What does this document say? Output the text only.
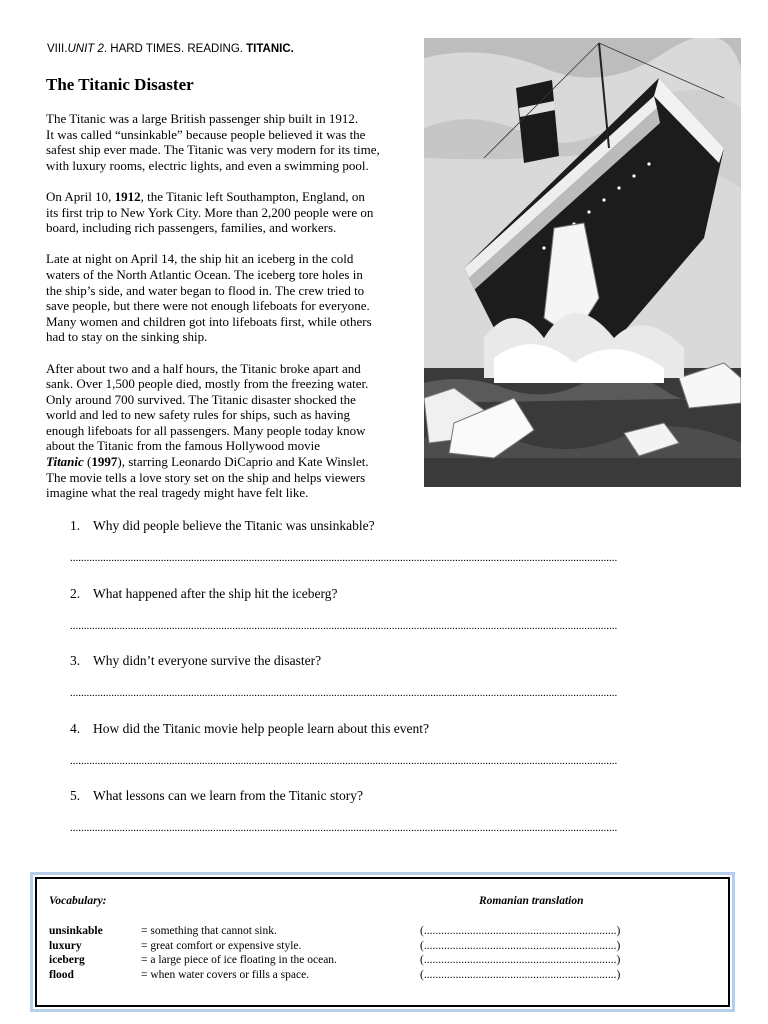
VIII.UNIT 2. HARD TIMES. READING. TITANIC.
The Titanic Disaster

The Titanic was a large British passenger ship built in 1912.
It was called “unsinkable” because people believed it was the
safest ship ever made. The Titanic was very modern for its time,
with luxury rooms, electric lights, and even a swimming pool.

On April 10, 1912, the Titanic left Southampton, England, on
its first trip to New York City. More than 2,200 people were on
board, including rich passengers, families, and workers.

Late at night on April 14, the ship hit an iceberg in the cold
waters of the North Atlantic Ocean. The iceberg tore holes in
the ship’s side, and water began to flood in. The crew tried to
save people, but there were not enough lifeboats for everyone.
Many women and children got into lifeboats first, while others
had to stay on the sinking ship.

After about two and a half hours, the Titanic broke apart and
sank. Over 1,500 people died, mostly from the freezing water.
Only around 700 survived. The Titanic disaster shocked the
world and led to new safety rules for ships, such as having
enough lifeboats for all passengers. Many people today know
about the Titanic from the famous Hollywood movie
Titanic (1997), starring Leonardo DiCaprio and Kate Winslet.
The movie tells a love story set on the ship and helps viewers
imagine what the real tragedy might have felt like.

1. Why did people believe the Titanic was unsinkable?
.......................................................................................................................................................................................................
2. What happened after the ship hit the iceberg?
.......................................................................................................................................................................................................
3. Why didn’t everyone survive the disaster?
.......................................................................................................................................................................................................
4. How did the Titanic movie help people learn about this event?
.......................................................................................................................................................................................................
5. What lessons can we learn from the Titanic story?
.......................................................................................................................................................................................................
Vocabulary:	Romanian translation
unsinkable	= something that cannot sink.	(...................................................................)
luxury	= great comfort or expensive style.	(...................................................................)
iceberg	= a large piece of ice floating in the ocean.	(...................................................................)
flood	= when water covers or fills a space.	(...................................................................)
